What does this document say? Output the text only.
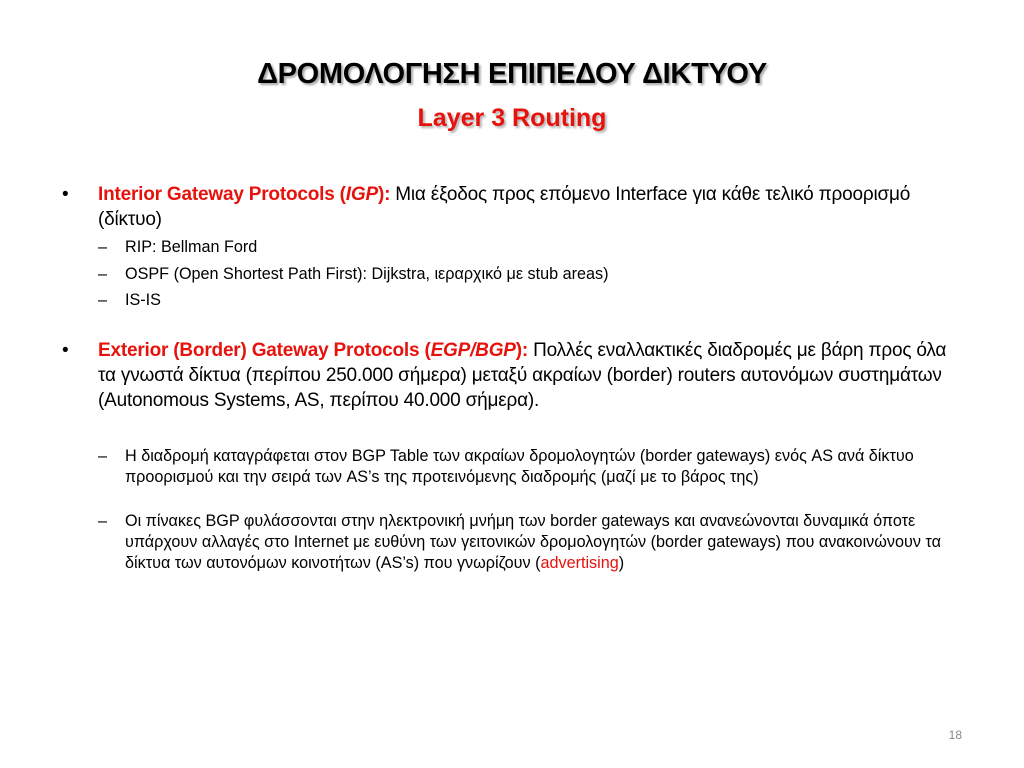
ΔΡΟΜΟΛΟΓΗΣΗ ΕΠΙΠΕΔΟΥ ΔΙΚΤΥΟΥ
Layer 3 Routing
• Interior Gateway Protocols (IGP): Μια έξοδος προς επόμενο Interface για κάθε τελικό προορισμό (δίκτυο)
– RIP: Bellman Ford
– OSPF (Open Shortest Path First): Dijkstra, ιεραρχικό με stub areas)
– IS-IS
• Exterior (Border) Gateway Protocols (EGP/BGP): Πολλές εναλλακτικές διαδρομές με βάρη προς όλα τα γνωστά δίκτυα (περίπου 250.000 σήμερα) μεταξύ ακραίων (border) routers αυτονόμων συστημάτων (Autonomous Systems, AS, περίπου 40.000 σήμερα).
– Η διαδρομή καταγράφεται στον BGP Table των ακραίων δρομολογητών (border gateways) ενός AS ανά δίκτυο προορισμού και την σειρά των AS’s της προτεινόμενης διαδρομής (μαζί με το βάρος της)
– Οι πίνακες BGP φυλάσσονται στην ηλεκτρονική μνήμη των border gateways και ανανεώνονται δυναμικά όποτε υπάρχουν αλλαγές στο Internet με ευθύνη των γειτονικών δρομολογητών (border gateways) που ανακοινώνουν τα δίκτυα των αυτονόμων κοινοτήτων (AS’s) που γνωρίζουν (advertising)
18
